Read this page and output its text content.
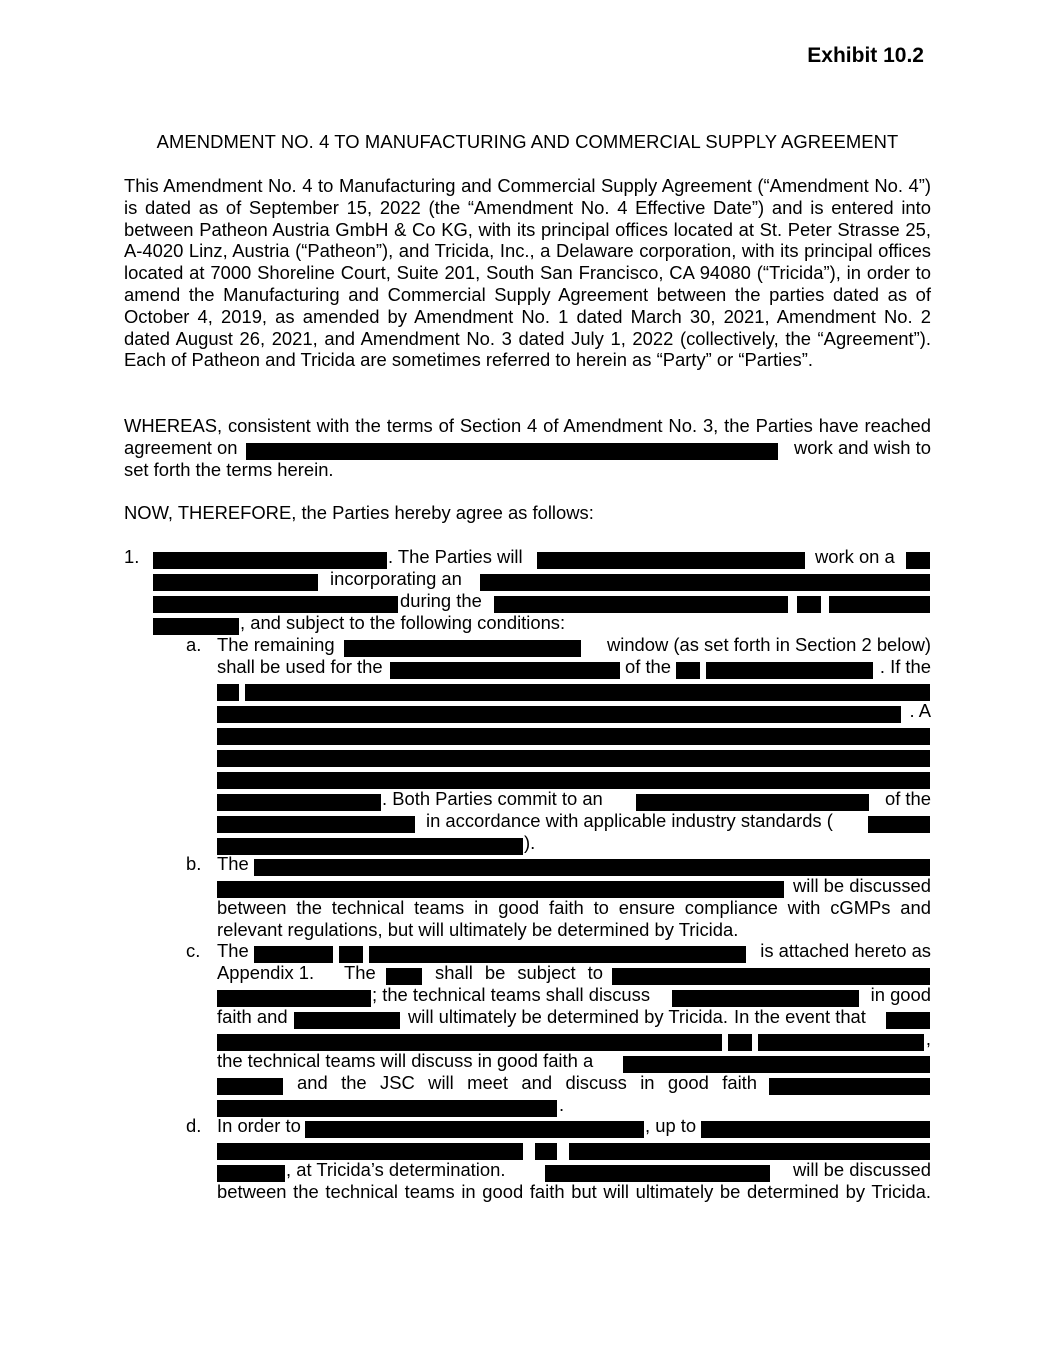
Exhibit 10.2
AMENDMENT NO. 4 TO MANUFACTURING AND COMMERCIAL SUPPLY AGREEMENT
This Amendment No. 4 to Manufacturing and Commercial Supply Agreement (“Amendment No. 4”) is dated as of September 15, 2022 (the “Amendment No. 4 Effective Date”) and is entered into between Patheon Austria GmbH & Co KG, with its principal offices located at St. Peter Strasse 25, A-4020 Linz, Austria (“Patheon”), and Tricida, Inc., a Delaware corporation, with its principal offices located at 7000 Shoreline Court, Suite 201, South San Francisco, CA 94080 (“Tricida”), in order to amend the Manufacturing and Commercial Supply Agreement between the parties dated as of October 4, 2019, as amended by Amendment No. 1 dated March 30, 2021, Amendment No. 2 dated August 26, 2021, and Amendment No. 3 dated July 1, 2022 (collectively, the “Agreement”). Each of Patheon and Tricida are sometimes referred to herein as “Party” or “Parties”.
WHEREAS, consistent with the terms of Section 4 of Amendment No. 3, the Parties have reached
agreement on	work and wish to
set forth the terms herein.
NOW, THEREFORE, the Parties hereby agree as follows:
1.	. The Parties will	work on a
incorporating an
during the
, and subject to the following conditions:
a. The remaining	window (as set forth in Section 2 below)
shall be used for the	of the	. If the
. A
. Both Parties commit to an	of the
in accordance with applicable industry standards (
).
b. The
will be discussed
between the technical teams in good faith to ensure compliance with cGMPs and
relevant regulations, but will ultimately be determined by Tricida.
c. The	is attached hereto as
Appendix 1. The	shall be subject to
; the technical teams shall discuss	in good
faith and	will ultimately be determined by Tricida. In the event that
,
the technical teams will discuss in good faith a
and the JSC will meet and discuss in good faith
.
d. In order to	, up to
, at Tricida’s determination.	will be discussed
between the technical teams in good faith but will ultimately be determined by Tricida.
